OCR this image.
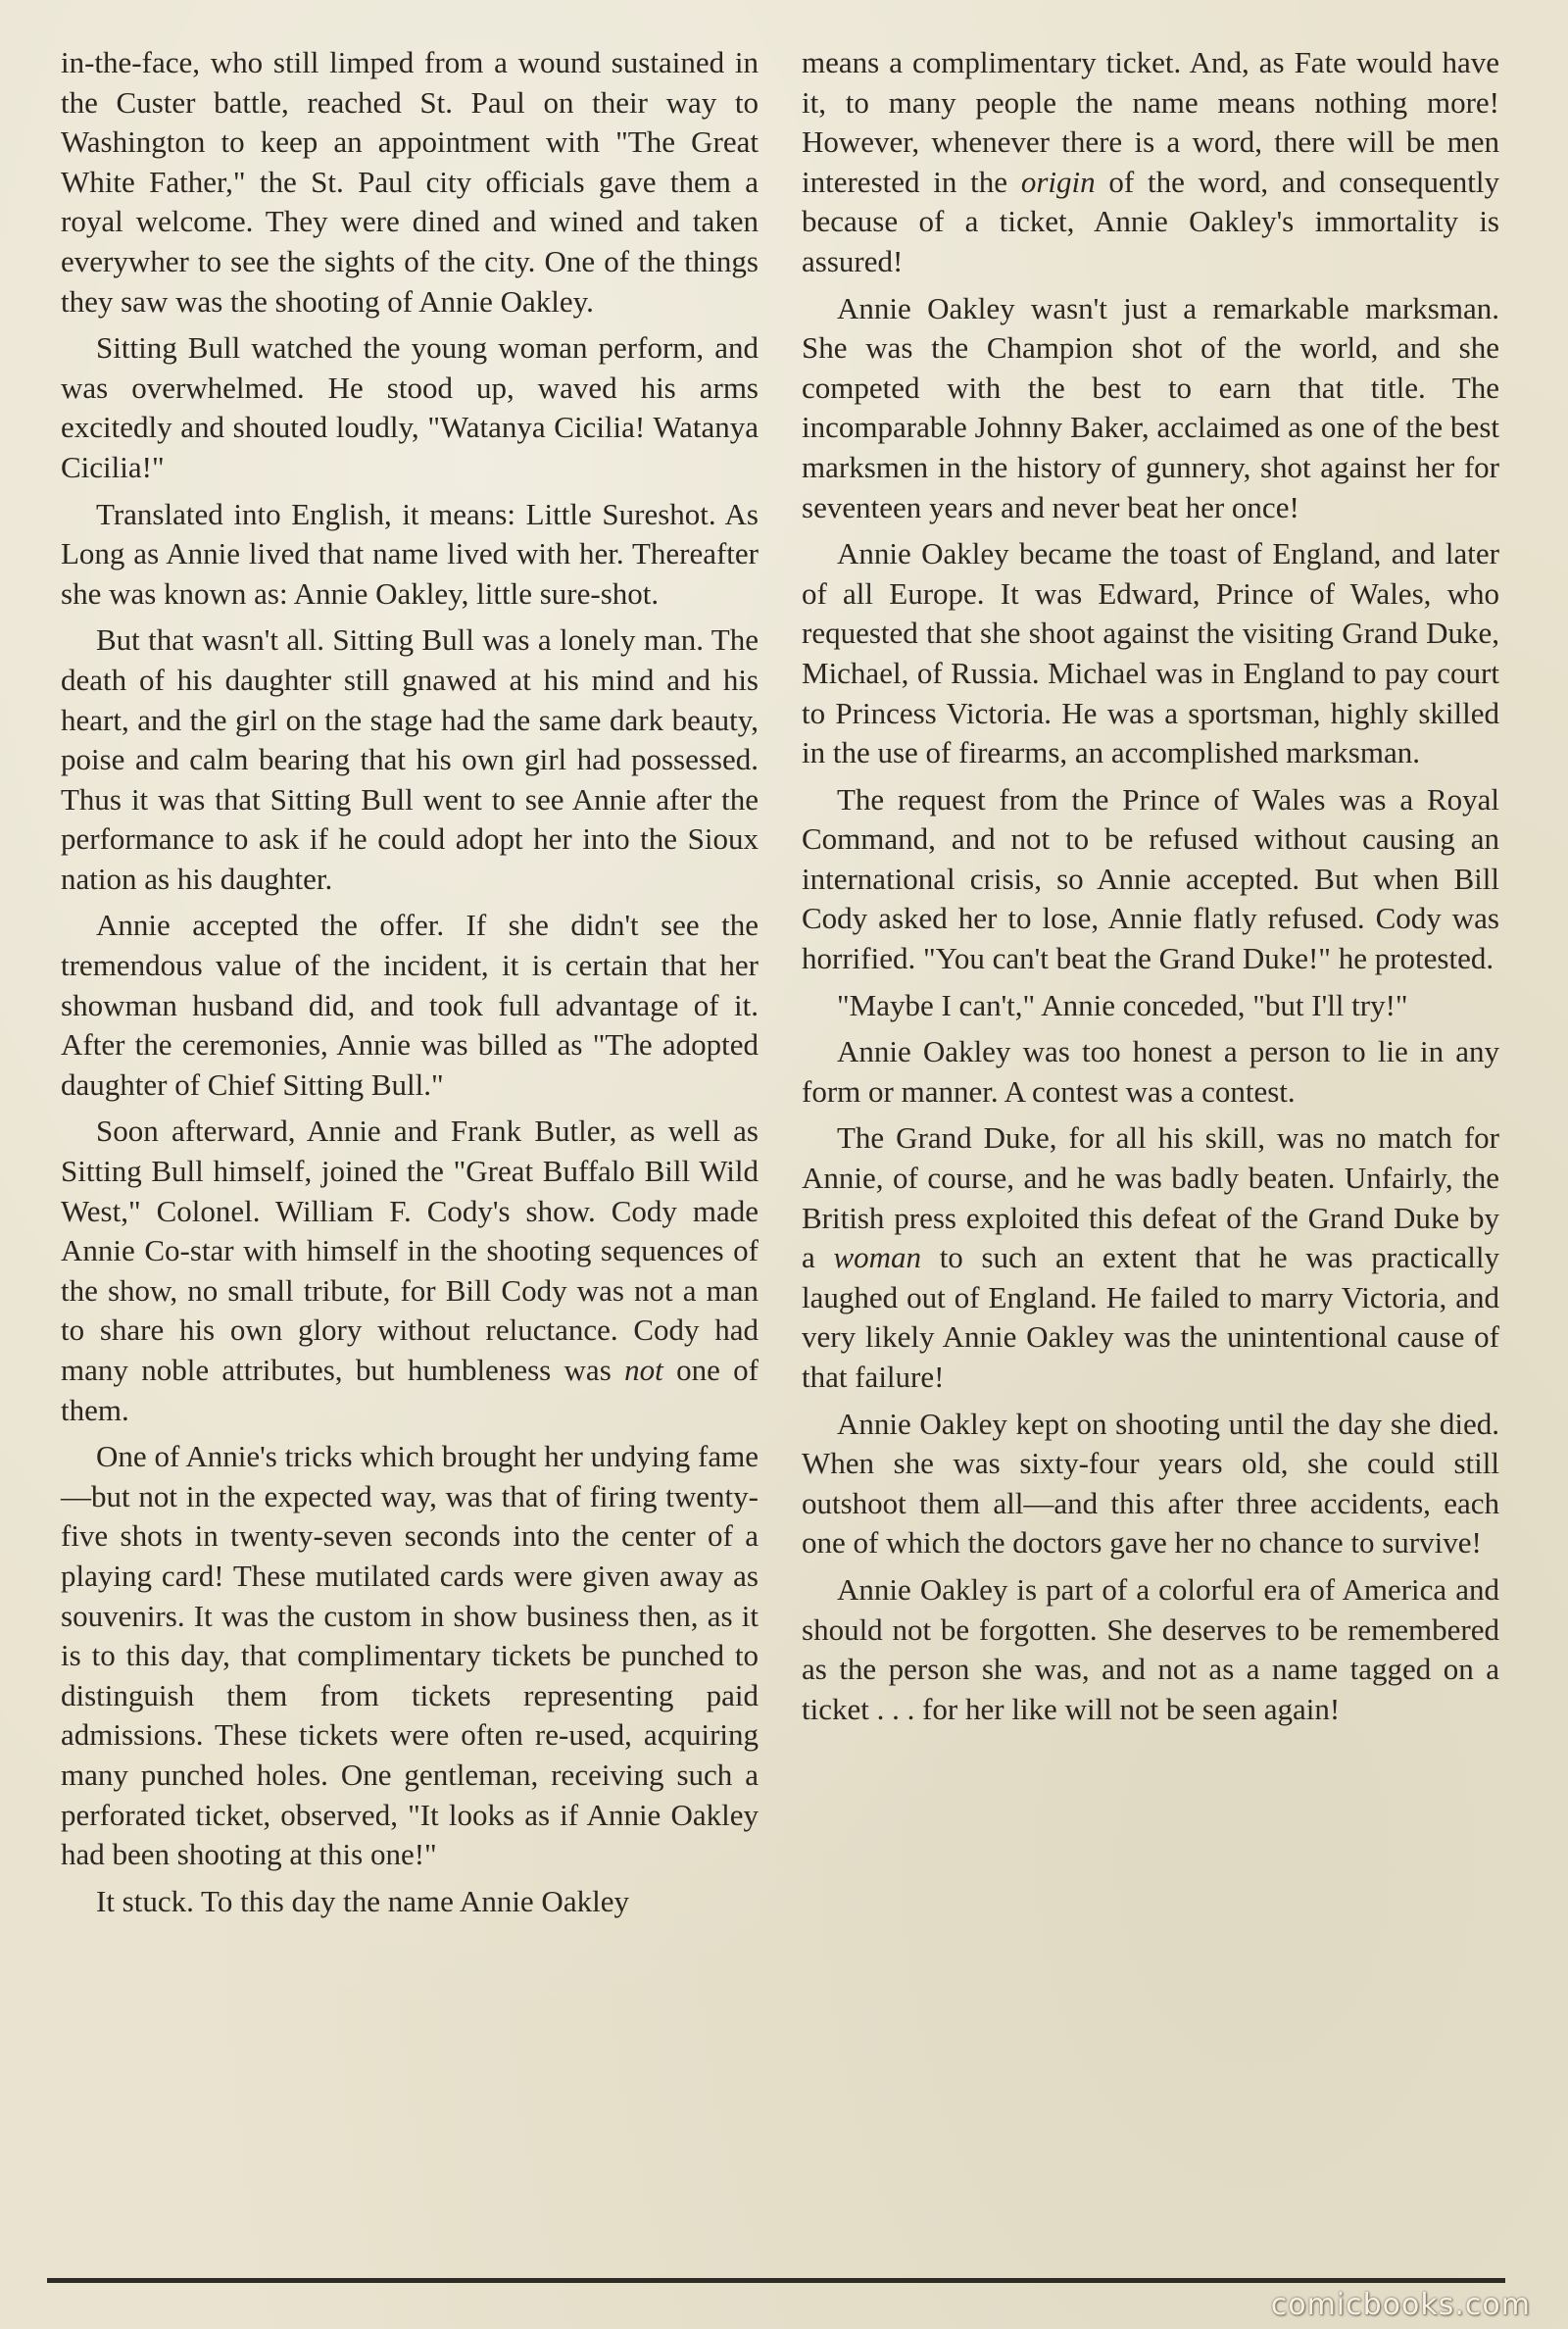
in-the-face, who still limped from a wound sustained in the Custer battle, reached St. Paul on their way to Washington to keep an appointment with "The Great White Father," the St. Paul city officials gave them a royal welcome. They were dined and wined and taken everywher to see the sights of the city. One of the things they saw was the shooting of Annie Oakley.

Sitting Bull watched the young woman perform, and was overwhelmed. He stood up, waved his arms excitedly and shouted loudly, "Watanya Cicilia! Watanya Cicilia!"

Translated into English, it means: Little Sureshot. As Long as Annie lived that name lived with her. Thereafter she was known as: Annie Oakley, little sure-shot.

But that wasn't all. Sitting Bull was a lonely man. The death of his daughter still gnawed at his mind and his heart, and the girl on the stage had the same dark beauty, poise and calm bearing that his own girl had possessed. Thus it was that Sitting Bull went to see Annie after the performance to ask if he could adopt her into the Sioux nation as his daughter.

Annie accepted the offer. If she didn't see the tremendous value of the incident, it is certain that her showman husband did, and took full advantage of it. After the ceremonies, Annie was billed as "The adopted daughter of Chief Sitting Bull."

Soon afterward, Annie and Frank Butler, as well as Sitting Bull himself, joined the "Great Buffalo Bill Wild West," Colonel. William F. Cody's show. Cody made Annie Co-star with himself in the shooting sequences of the show, no small tribute, for Bill Cody was not a man to share his own glory without reluctance. Cody had many noble attributes, but humbleness was not one of them.

One of Annie's tricks which brought her undying fame—but not in the expected way, was that of firing twenty-five shots in twenty-seven seconds into the center of a playing card! These mutilated cards were given away as souvenirs. It was the custom in show business then, as it is to this day, that complimentary tickets be punched to distinguish them from tickets representing paid admissions. These tickets were often re-used, acquiring many punched holes. One gentleman, receiving such a perforated ticket, observed, "It looks as if Annie Oakley had been shooting at this one!"

It stuck. To this day the name Annie Oakley

means a complimentary ticket. And, as Fate would have it, to many people the name means nothing more! However, whenever there is a word, there will be men interested in the origin of the word, and consequently because of a ticket, Annie Oakley's immortality is assured!

Annie Oakley wasn't just a remarkable marksman. She was the Champion shot of the world, and she competed with the best to earn that title. The incomparable Johnny Baker, acclaimed as one of the best marksmen in the history of gunnery, shot against her for seventeen years and never beat her once!

Annie Oakley became the toast of England, and later of all Europe. It was Edward, Prince of Wales, who requested that she shoot against the visiting Grand Duke, Michael, of Russia. Michael was in England to pay court to Princess Victoria. He was a sportsman, highly skilled in the use of firearms, an accomplished marksman.

The request from the Prince of Wales was a Royal Command, and not to be refused without causing an international crisis, so Annie accepted. But when Bill Cody asked her to lose, Annie flatly refused. Cody was horrified. "You can't beat the Grand Duke!" he protested.

"Maybe I can't," Annie conceded, "but I'll try!"

Annie Oakley was too honest a person to lie in any form or manner. A contest was a contest.

The Grand Duke, for all his skill, was no match for Annie, of course, and he was badly beaten. Unfairly, the British press exploited this defeat of the Grand Duke by a woman to such an extent that he was practically laughed out of England. He failed to marry Victoria, and very likely Annie Oakley was the unintentional cause of that failure!

Annie Oakley kept on shooting until the day she died. When she was sixty-four years old, she could still outshoot them all—and this after three accidents, each one of which the doctors gave her no chance to survive!

Annie Oakley is part of a colorful era of America and should not be forgotten. She deserves to be remembered as the person she was, and not as a name tagged on a ticket . . . for her like will not be seen again!

comicbooks.com
